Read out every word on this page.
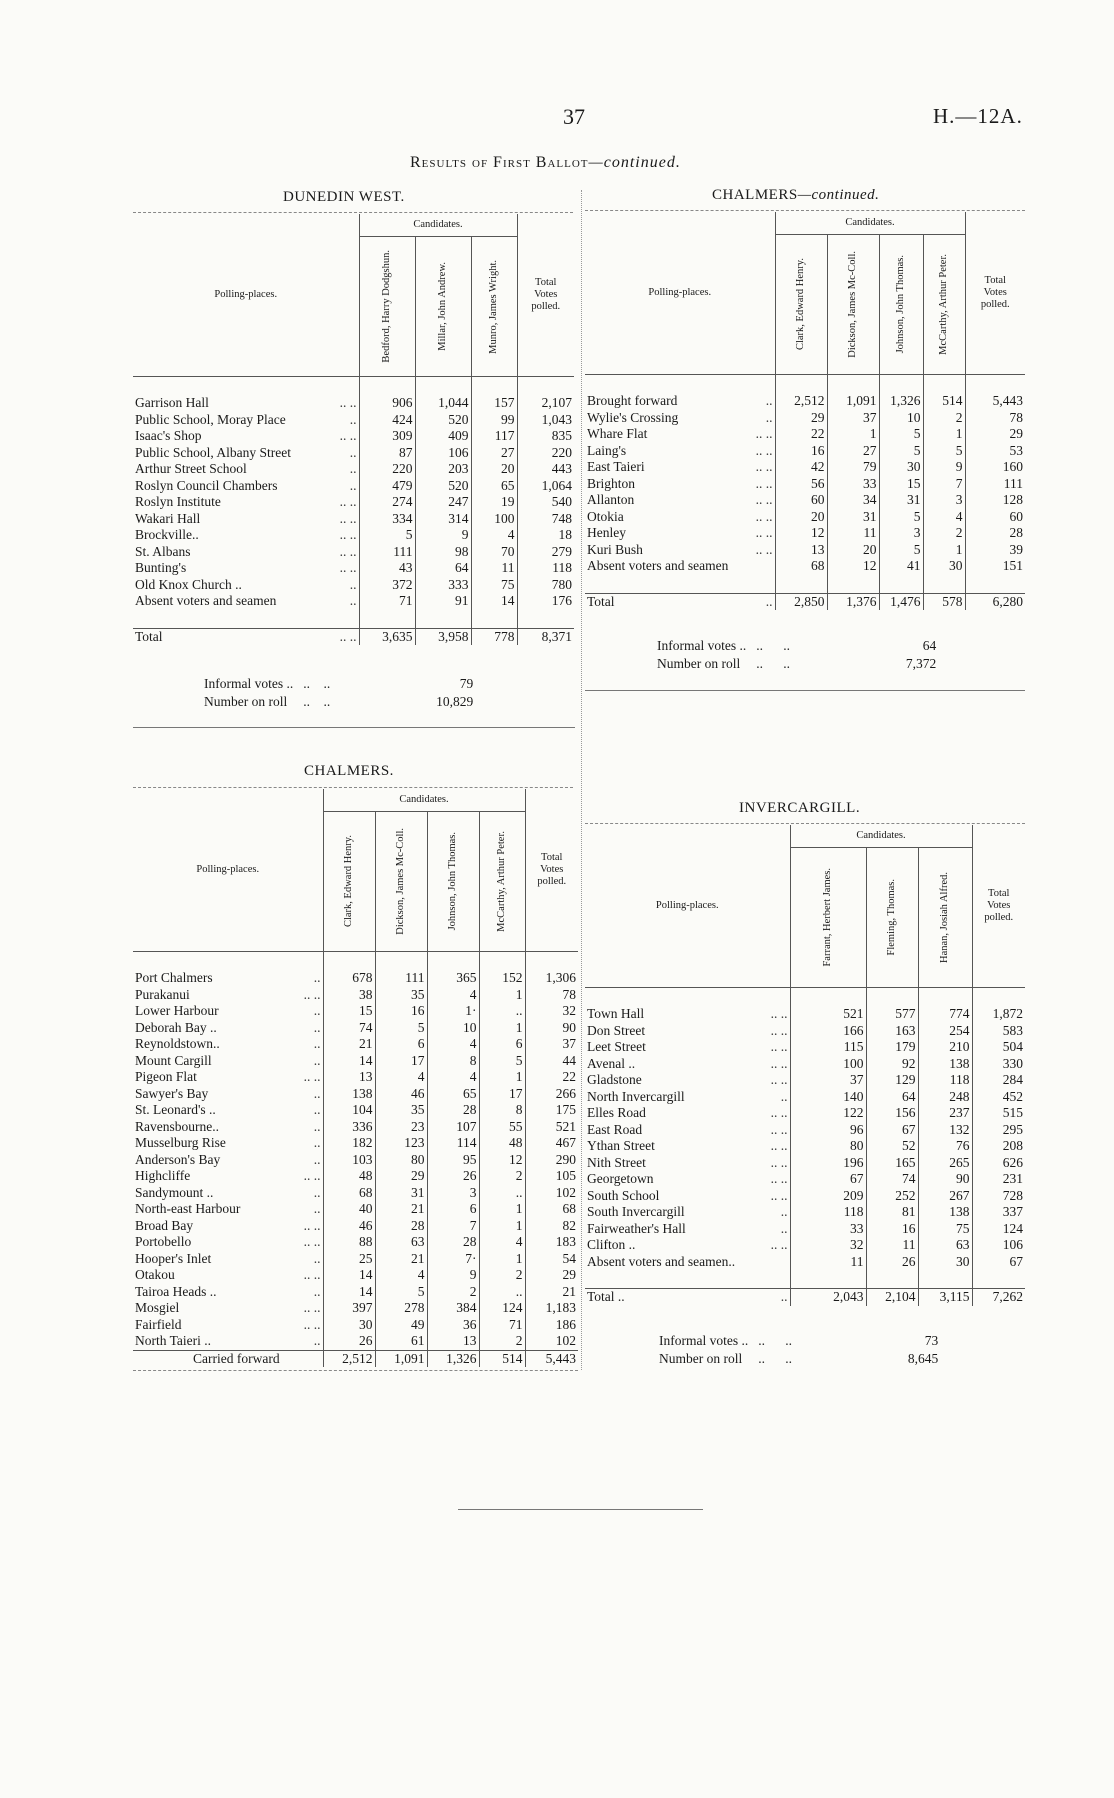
37	H.—12A.
Results of First Ballot—continued.
DUNEDIN WEST.
Polling-places.	Candidates.			Total
Votes
polled.

	Bedford, Harry Dodgshun.	Millar, John Andrew.	Munro, James Wright.	

Garrison Hall .. ..	906	1,044	157	2,107
Public School, Moray Place ..	424	520	99	1,043
Isaac's Shop .. ..	309	409	117	835
Public School, Albany Street ..	87	106	27	220
Arthur Street School ..	220	203	20	443
Roslyn Council Chambers ..	479	520	65	1,064
Roslyn Institute .. ..	274	247	19	540
Wakari Hall .. ..	334	314	100	748
Brockville.. .. ..	5	9	4	18
St. Albans .. ..	111	98	70	279
Bunting's .. ..	43	64	11	118
Old Knox Church .. ..	372	333	75	780
Absent voters and seamen ..	71	91	14	176

Total .. ..	3,635	3,958	778	8,371
Informal votes ..	..    ..	79
Number on roll	..    ..	10,829
CHALMERS.
Polling-places.	Candidates.				Total
Votes
polled.

	Clark, Edward Henry.	Dickson, James Mc-Coll.	Johnson, John Thomas.	McCarthy, Arthur Peter.	

Port Chalmers ..	678	111	365	152	1,306
Purakanui .. ..	38	35	4	1	78
Lower Harbour ..	15	16	1·	..	32
Deborah Bay .. ..	74	5	10	1	90
Reynoldstown.. ..	21	6	4	6	37
Mount Cargill ..	14	17	8	5	44
Pigeon Flat .. ..	13	4	4	1	22
Sawyer's Bay ..	138	46	65	17	266
St. Leonard's .. ..	104	35	28	8	175
Ravensbourne.. ..	336	23	107	55	521
Musselburg Rise ..	182	123	114	48	467
Anderson's Bay ..	103	80	95	12	290
Highcliffe .. ..	48	29	26	2	105
Sandymount .. ..	68	31	3	..	102
North-east Harbour ..	40	21	6	1	68
Broad Bay .. ..	46	28	7	1	82
Portobello .. ..	88	63	28	4	183
Hooper's Inlet ..	25	21	7·	1	54
Otakou .. ..	14	4	9	2	29
Tairoa Heads .. ..	14	5	2	..	21
Mosgiel .. ..	397	278	384	124	1,183
Fairfield .. ..	30	49	36	71	186
North Taieri .. ..	26	61	13	2	102
Carried forward	2,512	1,091	1,326	514	5,443
CHALMERS—continued.
Polling-places.	Candidates.				Total
Votes
polled.

	Clark, Edward Henry.	Dickson, James Mc-Coll.	Johnson, John Thomas.	McCarthy, Arthur Peter.	

Brought forward ..	2,512	1,091	1,326	514	5,443
Wylie's Crossing ..	29	37	10	2	78
Whare Flat .. ..	22	1	5	1	29
Laing's .. ..	16	27	5	5	53
East Taieri .. ..	42	79	30	9	160
Brighton .. ..	56	33	15	7	111
Allanton .. ..	60	34	31	3	128
Otokia .. ..	20	31	5	4	60
Henley .. ..	12	11	3	2	28
Kuri Bush .. ..	13	20	5	1	39
Absent voters and seamen	68	12	41	30	151

Total ..	2,850	1,376	1,476	578	6,280
Informal votes ..	..      ..	64
Number on roll	..      ..	7,372
INVERCARGILL.
Polling-places.	Candidates.			Total
Votes
polled.

	Farrant, Herbert James.	Fleming, Thomas.	Hanan, Josiah Alfred.	

Town Hall .. ..	521	577	774	1,872
Don Street .. ..	166	163	254	583
Leet Street .. ..	115	179	210	504
Avenal .. .. ..	100	92	138	330
Gladstone .. ..	37	129	118	284
North Invercargill ..	140	64	248	452
Elles Road .. ..	122	156	237	515
East Road .. ..	96	67	132	295
Ythan Street .. ..	80	52	76	208
Nith Street .. ..	196	165	265	626
Georgetown .. ..	67	74	90	231
South School .. ..	209	252	267	728
South Invercargill ..	118	81	138	337
Fairweather's Hall ..	33	16	75	124
Clifton .. .. ..	32	11	63	106
Absent voters and seamen..	11	26	30	67

Total .. ..	2,043	2,104	3,115	7,262
Informal votes ..	..      ..	73
Number on roll	..      ..	8,645
